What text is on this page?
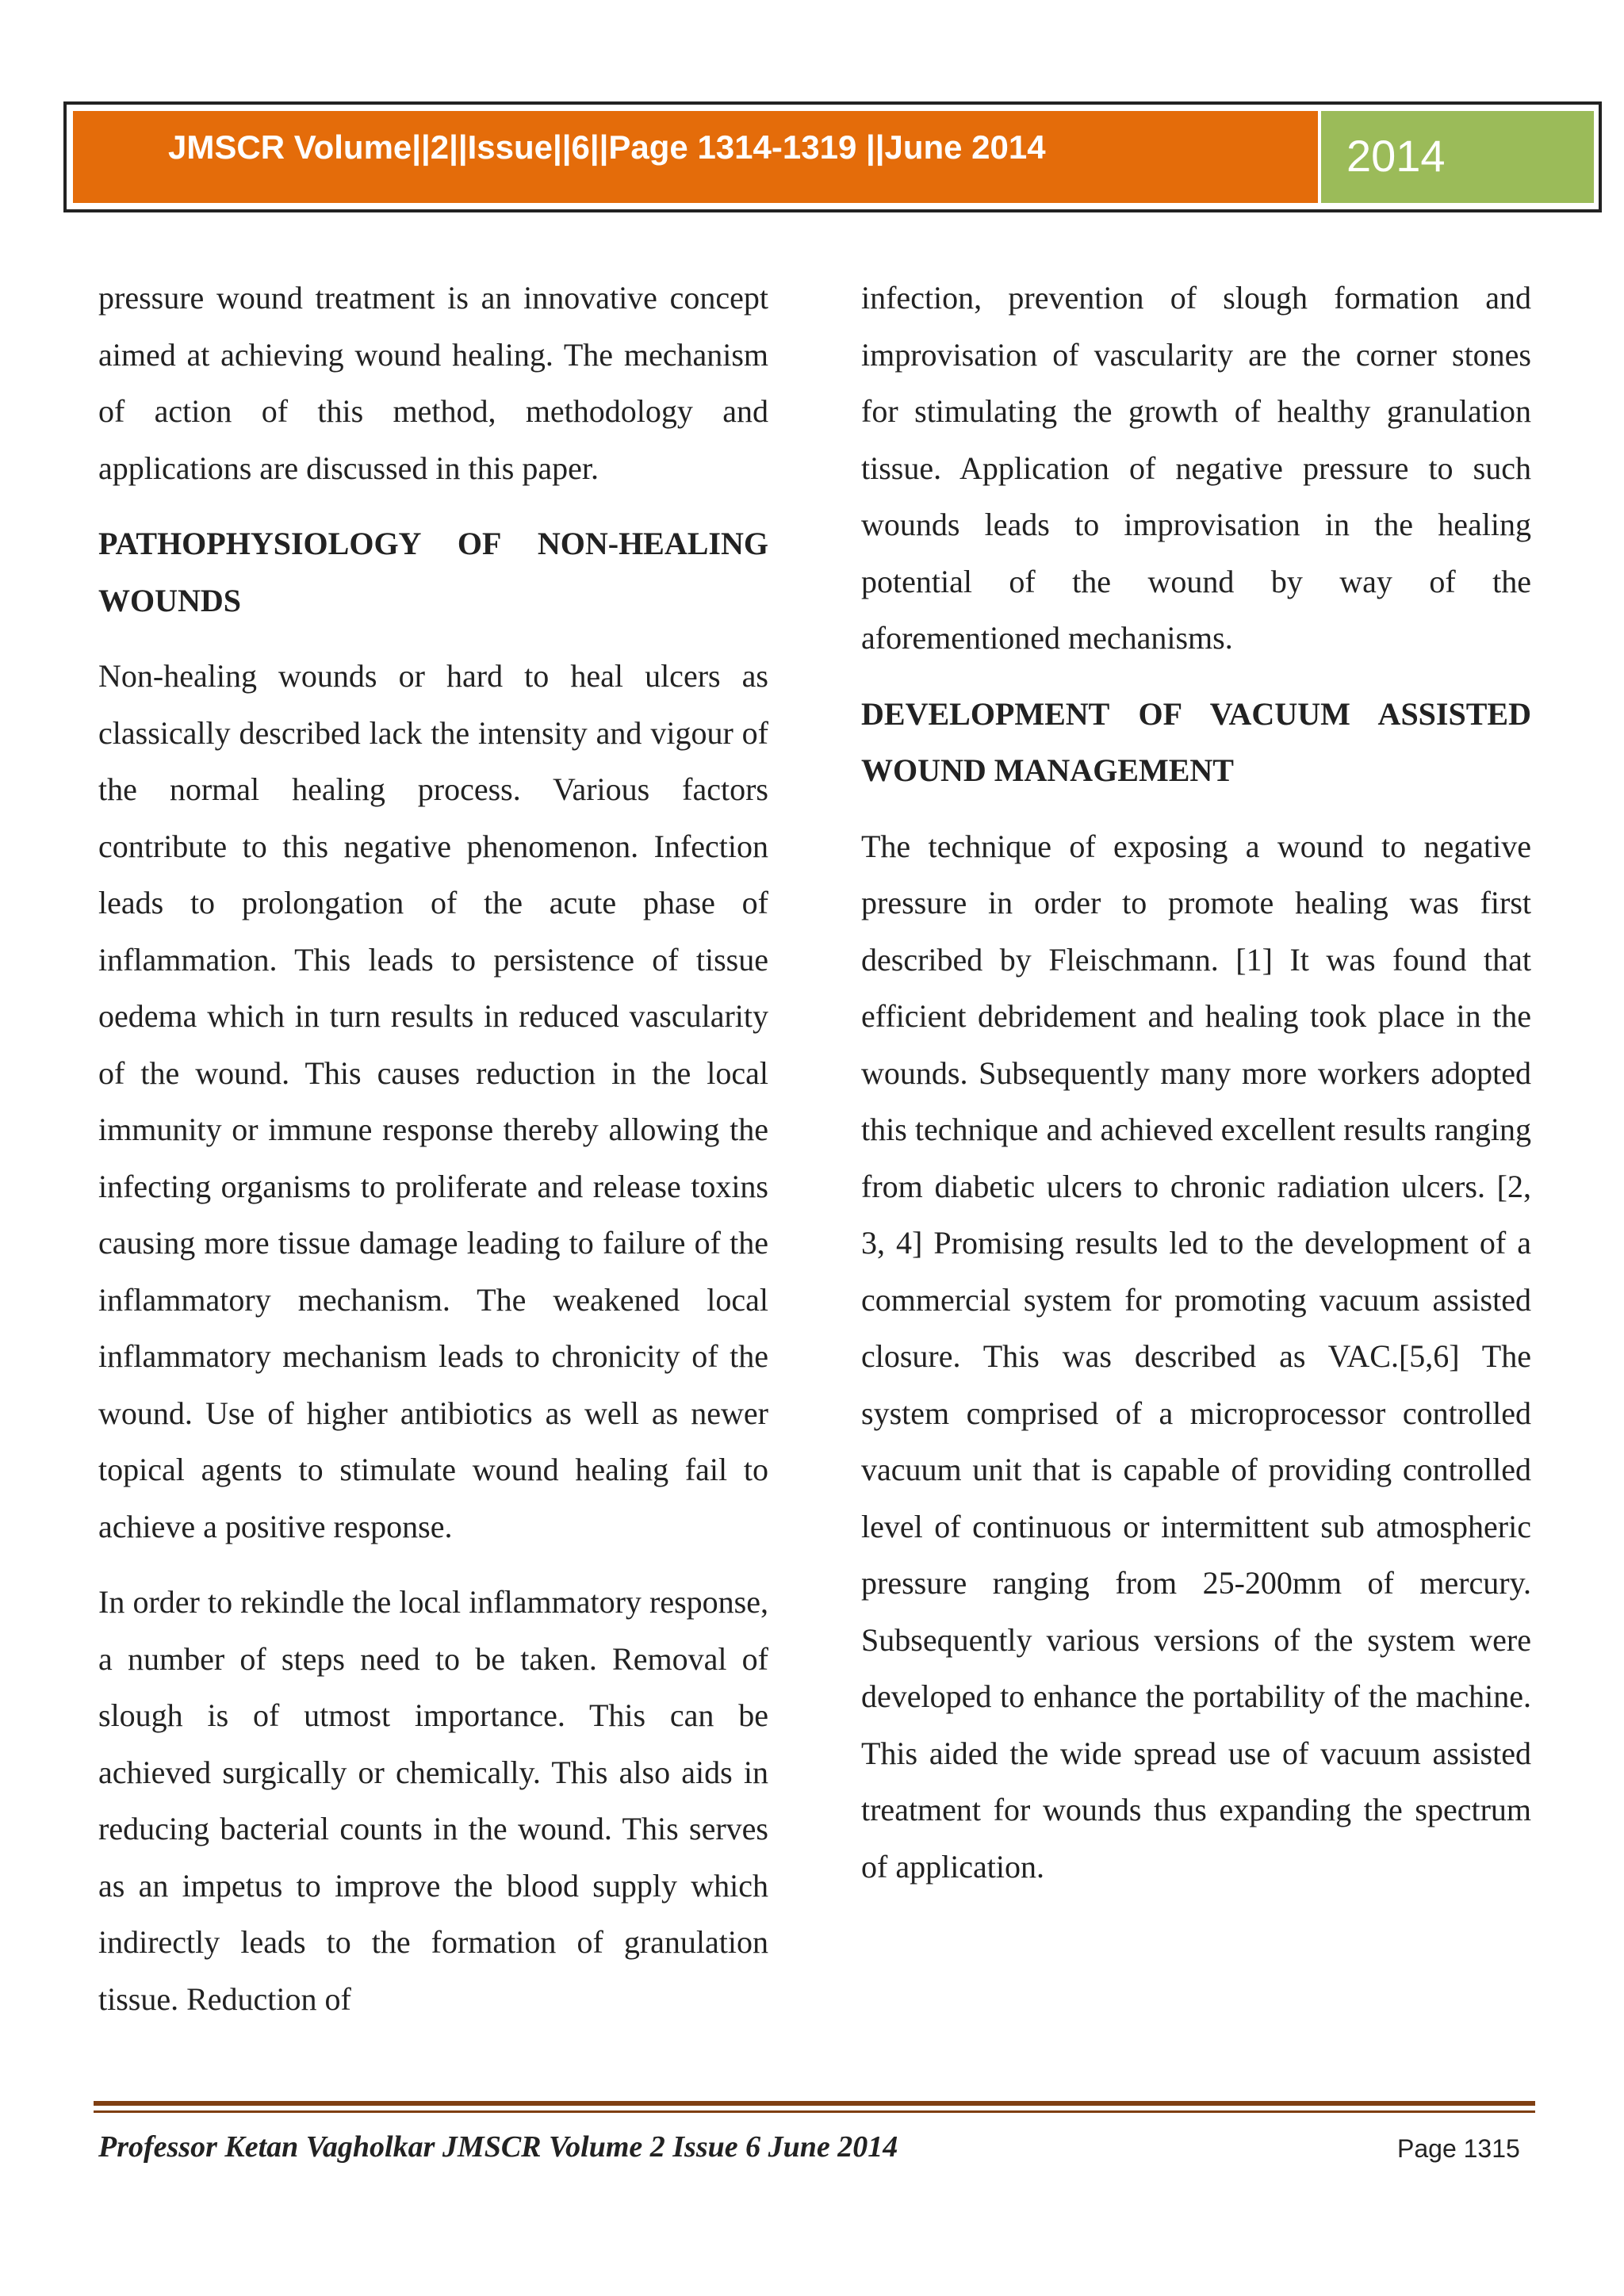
JMSCR Volume||2||Issue||6||Page 1314-1319 ||June 2014	2014

pressure wound treatment is an innovative concept aimed at achieving wound healing. The mechanism of action of this method, methodology and applications are discussed in this paper.

PATHOPHYSIOLOGY OF NON-HEALING WOUNDS

Non-healing wounds or hard to heal ulcers as classically described lack the intensity and vigour of the normal healing process. Various factors contribute to this negative phenomenon. Infection leads to prolongation of the acute phase of inflammation. This leads to persistence of tissue oedema which in turn results in reduced vascularity of the wound. This causes reduction in the local immunity or immune response thereby allowing the infecting organisms to proliferate and release toxins causing more tissue damage leading to failure of the inflammatory mechanism. The weakened local inflammatory mechanism leads to chronicity of the wound. Use of higher antibiotics as well as newer topical agents to stimulate wound healing fail to achieve a positive response.

In order to rekindle the local inflammatory response, a number of steps need to be taken. Removal of slough is of utmost importance. This can be achieved surgically or chemically. This also aids in reducing bacterial counts in the wound. This serves as an impetus to improve the blood supply which indirectly leads to the formation of granulation tissue. Reduction of

infection, prevention of slough formation and improvisation of vascularity are the corner stones for stimulating the growth of healthy granulation tissue. Application of negative pressure to such wounds leads to improvisation in the healing potential of the wound by way of the aforementioned mechanisms.

DEVELOPMENT OF VACUUM ASSISTED WOUND MANAGEMENT

The technique of exposing a wound to negative pressure in order to promote healing was first described by Fleischmann. [1] It was found that efficient debridement and healing took place in the wounds. Subsequently many more workers adopted this technique and achieved excellent results ranging from diabetic ulcers to chronic radiation ulcers. [2, 3, 4] Promising results led to the development of a commercial system for promoting vacuum assisted closure. This was described as VAC.[5,6] The system comprised of a microprocessor controlled vacuum unit that is capable of providing controlled level of continuous or intermittent sub atmospheric pressure ranging from 25-200mm of mercury. Subsequently various versions of the system were developed to enhance the portability of the machine. This aided the wide spread use of vacuum assisted treatment for wounds thus expanding the spectrum of application.

Professor Ketan Vagholkar JMSCR Volume 2 Issue 6 June 2014	Page 1315
